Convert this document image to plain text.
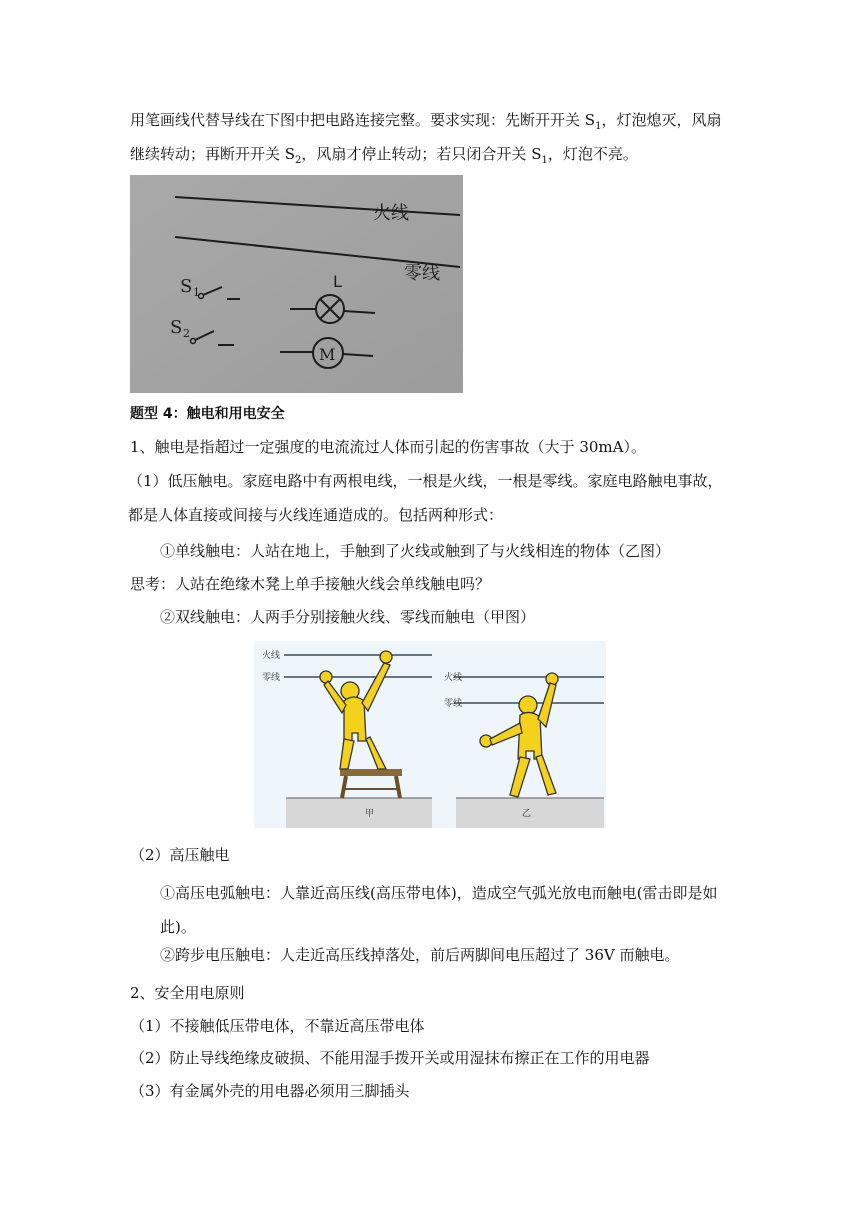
用笔画线代替导线在下图中把电路连接完整。要求实现：先断开开关 $S_1$，灯泡熄灭，风扇
继续转动；再断开开关 $S_2$，风扇才停止转动；若只闭合开关 $S_1$，灯泡不亮。
火线
零线
S 1
S 2
L
M
题型 4：触电和用电安全
1、触电是指超过一定强度的电流流过人体而引起的伤害事故（大于 30mA）。
（1）低压触电。家庭电路中有两根电线，一根是火线，一根是零线。家庭电路触电事故，都是人体直接或间接与火线连通造成的。包括两种形式：
①单线触电：人站在地上，手触到了火线或触到了与火线相连的物体（乙图）
思考：人站在绝缘木凳上单手接触火线会单线触电吗？
②双线触电：人两手分别接触火线、零线而触电（甲图）
火线
零线
甲
火线
零线
乙
（2）高压触电
①高压电弧触电：人靠近高压线(高压带电体)，造成空气弧光放电而触电(雷击即是如此)。
②跨步电压触电：人走近高压线掉落处，前后两脚间电压超过了 36V 而触电。
2、安全用电原则
（1）不接触低压带电体，不靠近高压带电体
（2）防止导线绝缘皮破损、不能用湿手拨开关或用湿抹布擦正在工作的用电器
（3）有金属外壳的用电器必须用三脚插头
